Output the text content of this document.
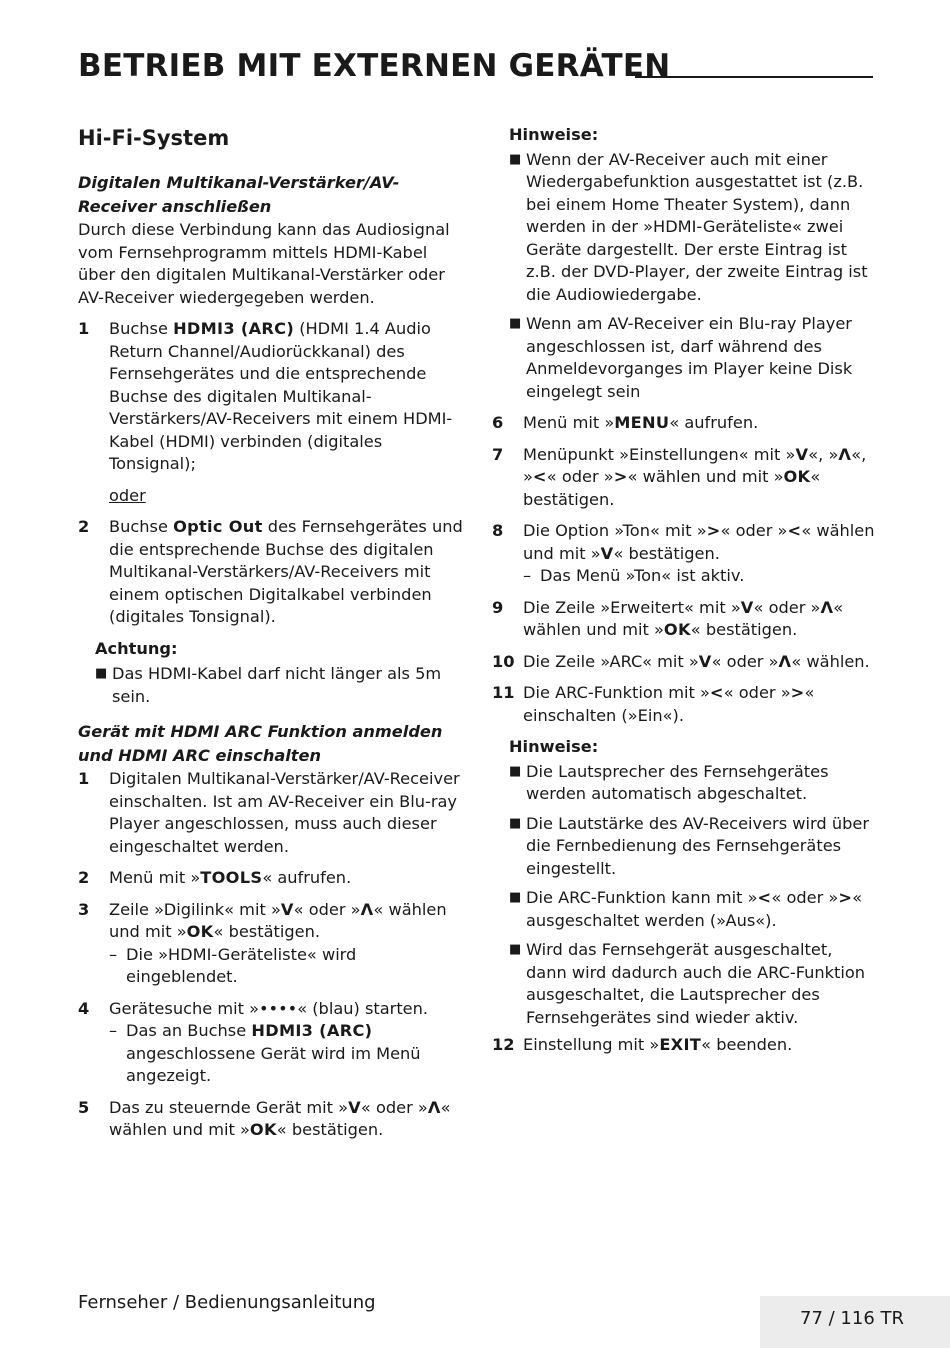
BETRIEB MIT EXTERNEN GERÄTEN
Hi-Fi-System
Digitalen Multikanal-Verstärker/AV-Receiver anschließen

Durch diese Verbindung kann das Audiosignal vom Fernsehprogramm mittels HDMI-Kabel über den digitalen Multikanal-Verstärker oder AV-Receiver wiedergegeben werden.

1	Buchse HDMI3 (ARC) (HDMI 1.4 Audio Return Channel/Audiorückkanal) des Fernsehgerätes und die entsprechende Buchse des digitalen Multikanal-Verstärkers/AV-Receivers mit einem HDMI-Kabel (HDMI) verbinden (digitales Tonsignal);
oder
2	Buchse Optic Out des Fernsehgerätes und die entsprechende Buchse des digitalen Multikanal-Verstärkers/AV-Receivers mit einem optischen Digitalkabel verbinden (digitales Tonsignal).
Achtung:
■ Das HDMI-Kabel darf nicht länger als 5m sein.
Gerät mit HDMI ARC Funktion anmelden und HDMI ARC einschalten
1	Digitalen Multikanal-Verstärker/AV-Receiver einschalten. Ist am AV-Receiver ein Blu-ray Player angeschlossen, muss auch dieser eingeschaltet werden.
2	Menü mit »TOOLS« aufrufen.
3	Zeile »Digilink« mit »V« oder »Λ« wählen und mit »OK« bestätigen.
– Die »HDMI-Geräteliste« wird eingeblendet.
4	Gerätesuche mit »••••« (blau) starten.
– Das an Buchse HDMI3 (ARC) angeschlossene Gerät wird im Menü angezeigt.
5	Das zu steuernde Gerät mit »V« oder »Λ« wählen und mit »OK« bestätigen.
Hinweise:
■ Wenn der AV-Receiver auch mit einer Wiedergabefunktion ausgestattet ist (z.B. bei einem Home Theater System), dann werden in der »HDMI-Geräteliste« zwei Geräte dargestellt. Der erste Eintrag ist z.B. der DVD-Player, der zweite Eintrag ist die Audiowiedergabe.
■ Wenn am AV-Receiver ein Blu-ray Player angeschlossen ist, darf während des Anmeldevorganges im Player keine Disk eingelegt sein
6	Menü mit »MENU« aufrufen.
7	Menüpunkt »Einstellungen« mit »V«, »Λ«, »<« oder »>« wählen und mit »OK« bestätigen.
8	Die Option »Ton« mit »>« oder »<« wählen und mit »V« bestätigen.
– Das Menü »Ton« ist aktiv.
9	Die Zeile »Erweitert« mit »V« oder »Λ« wählen und mit »OK« bestätigen.
10 Die Zeile »ARC« mit »V« oder »Λ« wählen.
11 Die ARC-Funktion mit »<« oder »>« einschalten (»Ein«).
Hinweise:
■ Die Lautsprecher des Fernsehgerätes werden automatisch abgeschaltet.
■ Die Lautstärke des AV-Receivers wird über die Fernbedienung des Fernsehgerätes eingestellt.
■ Die ARC-Funktion kann mit »<« oder »>« ausgeschaltet werden (»Aus«).
■ Wird das Fernsehgerät ausgeschaltet, dann wird dadurch auch die ARC-Funktion ausgeschaltet, die Lautsprecher des Fernsehgerätes sind wieder aktiv.
12 Einstellung mit »EXIT« beenden.
Fernseher / Bedienungsanleitung
77 / 116 TR
